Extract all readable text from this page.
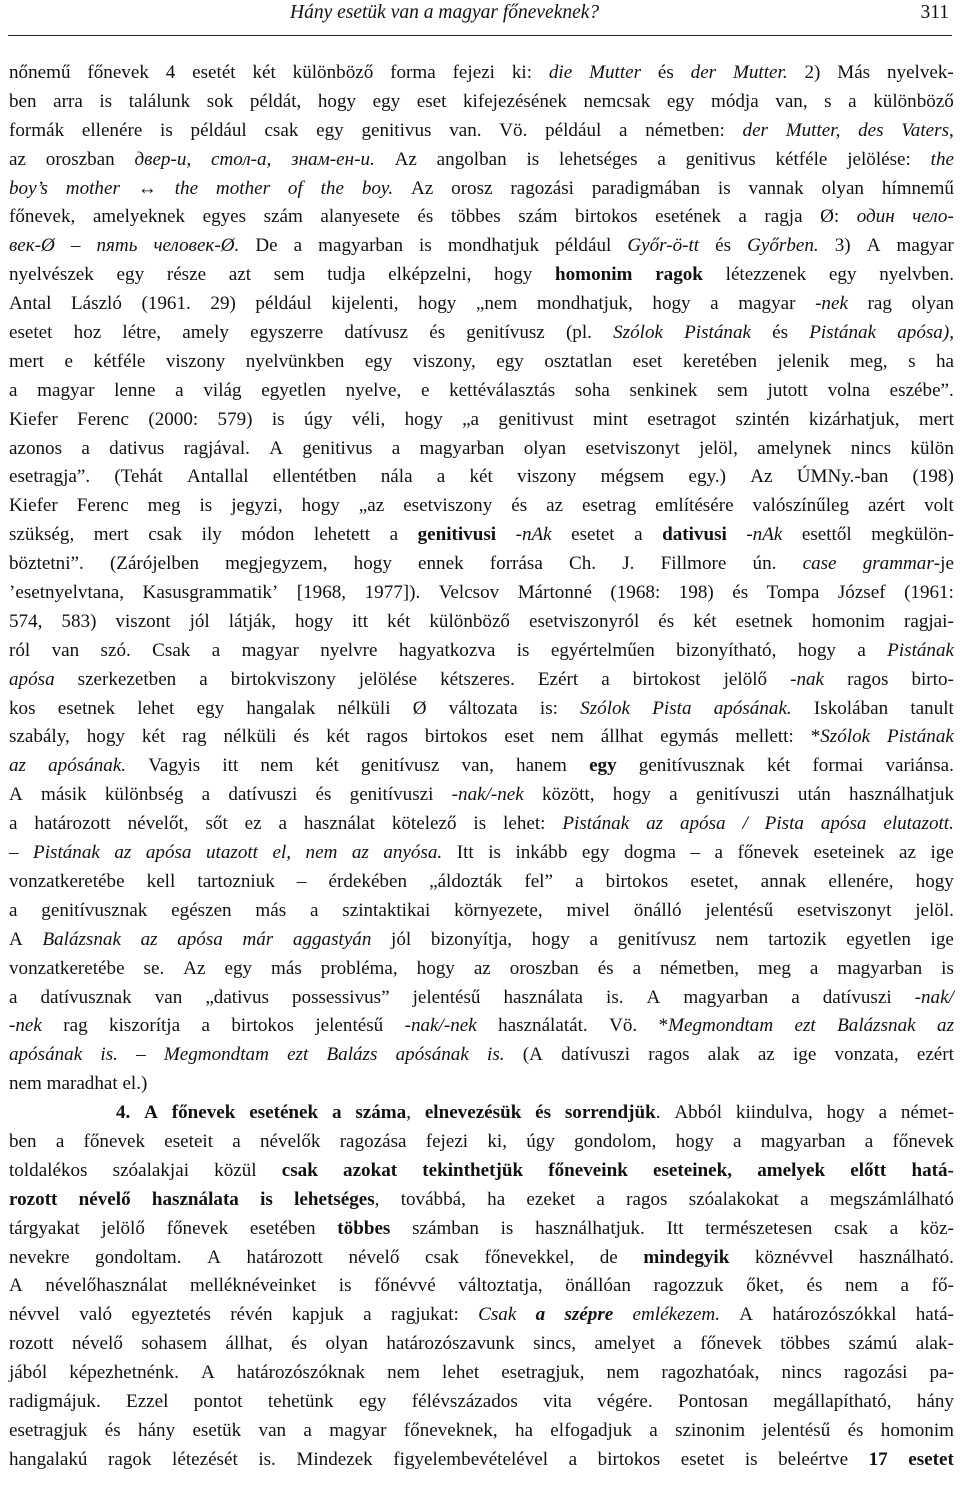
Hány esetük van a magyar főneveknek?	311
nőnemű főnevek 4 esetét két különböző forma fejezi ki: die Mutter és der Mutter. 2) Más nyelvek-
ben arra is találunk sok példát, hogy egy eset kifejezésének nemcsak egy módja van, s a különböző
formák ellenére is például csak egy genitivus van. Vö. például a németben: der Mutter, des Vaters,
az oroszban двер-и, стол-а, знам-ен-и. Az angolban is lehetséges a genitivus kétféle jelölése: the
boy’s mother ↔ the mother of the boy. Az orosz ragozási paradigmában is vannak olyan hímnemű
főnevek, amelyeknek egyes szám alanyesete és többes szám birtokos esetének a ragja Ø: один чело-
век-Ø – пять человек-Ø. De a magyarban is mondhatjuk például Győr-ö-tt és Győrben. 3) A magyar
nyelvészek egy része azt sem tudja elképzelni, hogy homonim ragok létezzenek egy nyelvben.
Antal László (1961. 29) például kijelenti, hogy „nem mondhatjuk, hogy a magyar -nek rag olyan
esetet hoz létre, amely egyszerre datívusz és genitívusz (pl. Szólok Pistának és Pistának apósa),
mert e kétféle viszony nyelvünkben egy viszony, egy osztatlan eset keretében jelenik meg, s ha
a magyar lenne a világ egyetlen nyelve, e kettéválasztás soha senkinek sem jutott volna eszébe”.
Kiefer Ferenc (2000: 579) is úgy véli, hogy „a genitivust mint esetragot szintén kizárhatjuk, mert
azonos a dativus ragjával. A genitivus a magyarban olyan esetviszonyt jelöl, amelynek nincs külön
esetragja”. (Tehát Antallal ellentétben nála a két viszony mégsem egy.) Az ÚMNy.-ban (198)
Kiefer Ferenc meg is jegyzi, hogy „az esetviszony és az esetrag említésére valószínűleg azért volt
szükség, mert csak ily módon lehetett a genitivusi -nAk esetet a dativusi -nAk esettől megkülön-
böztetni”. (Zárójelben megjegyzem, hogy ennek forrása Ch. J. Fillmore ún. case grammar-je
’esetnyelvtana, Kasusgrammatik’ [1968, 1977]). Velcsov Mártonné (1968: 198) és Tompa József (1961:
574, 583) viszont jól látják, hogy itt két különböző esetviszonyról és két esetnek homonim ragjai-
ról van szó. Csak a magyar nyelvre hagyatkozva is egyértelműen bizonyítható, hogy a Pistának
apósa szerkezetben a birtokviszony jelölése kétszeres. Ezért a birtokost jelölő -nak ragos birto-
kos esetnek lehet egy hangalak nélküli Ø változata is: Szólok Pista apósának. Iskolában tanult
szabály, hogy két rag nélküli és két ragos birtokos eset nem állhat egymás mellett: *Szólok Pistának
az apósának. Vagyis itt nem két genitívusz van, hanem egy genitívusznak két formai variánsa.
A másik különbség a datívuszi és genitívuszi -nak/-nek között, hogy a genitívuszi után használhatjuk
a határozott névelőt, sőt ez a használat kötelező is lehet: Pistának az apósa / Pista apósa elutazott.
– Pistának az apósa utazott el, nem az anyósa. Itt is inkább egy dogma – a főnevek eseteinek az ige
vonzatkeretébe kell tartozniuk – érdekében „áldozták fel” a birtokos esetet, annak ellenére, hogy
a genitívusznak egészen más a szintaktikai környezete, mivel önálló jelentésű esetviszonyt jelöl.
A Balázsnak az apósa már aggastyán jól bizonyítja, hogy a genitívusz nem tartozik egyetlen ige
vonzatkeretébe se. Az egy más probléma, hogy az oroszban és a németben, meg a magyarban is
a datívusznak van „dativus possessivus” jelentésű használata is. A magyarban a datívuszi -nak/
-nek rag kiszorítja a birtokos jelentésű -nak/-nek használatát. Vö. *Megmondtam ezt Balázsnak az
apósának is. – Megmondtam ezt Balázs apósának is. (A datívuszi ragos alak az ige vonzata, ezért
nem maradhat el.)
4. A főnevek esetének a száma, elnevezésük és sorrendjük. Abból kiindulva, hogy a német-
ben a főnevek eseteit a névelők ragozása fejezi ki, úgy gondolom, hogy a magyarban a főnevek
toldalékos szóalakjai közül csak azokat tekinthetjük főneveink eseteinek, amelyek előtt hatá-
rozott névelő használata is lehetséges, továbbá, ha ezeket a ragos szóalakokat a megszámlálható
tárgyakat jelölő főnevek esetében többes számban is használhatjuk. Itt természetesen csak a köz-
nevekre gondoltam. A határozott névelő csak főnevekkel, de mindegyik köznévvel használható.
A névelőhasználat melléknéveinket is főnévvé változtatja, önállóan ragozzuk őket, és nem a fő-
névvel való egyeztetés révén kapjuk a ragjukat: Csak a szépre emlékezem. A határozószókkal hatá-
rozott névelő sohasem állhat, és olyan határozószavunk sincs, amelyet a főnevek többes számú alak-
jából képezhetnénk. A határozószóknak nem lehet esetragjuk, nem ragozhatóak, nincs ragozási pa-
radigmájuk. Ezzel pontot tehetünk egy félévszázados vita végére. Pontosan megállapítható, hány
esetragjuk és hány esetük van a magyar főneveknek, ha elfogadjuk a szinonim jelentésű és homonim
hangalakú ragok létezését is. Mindezek figyelembevételével a birtokos esetet is beleértve 17 esetet
